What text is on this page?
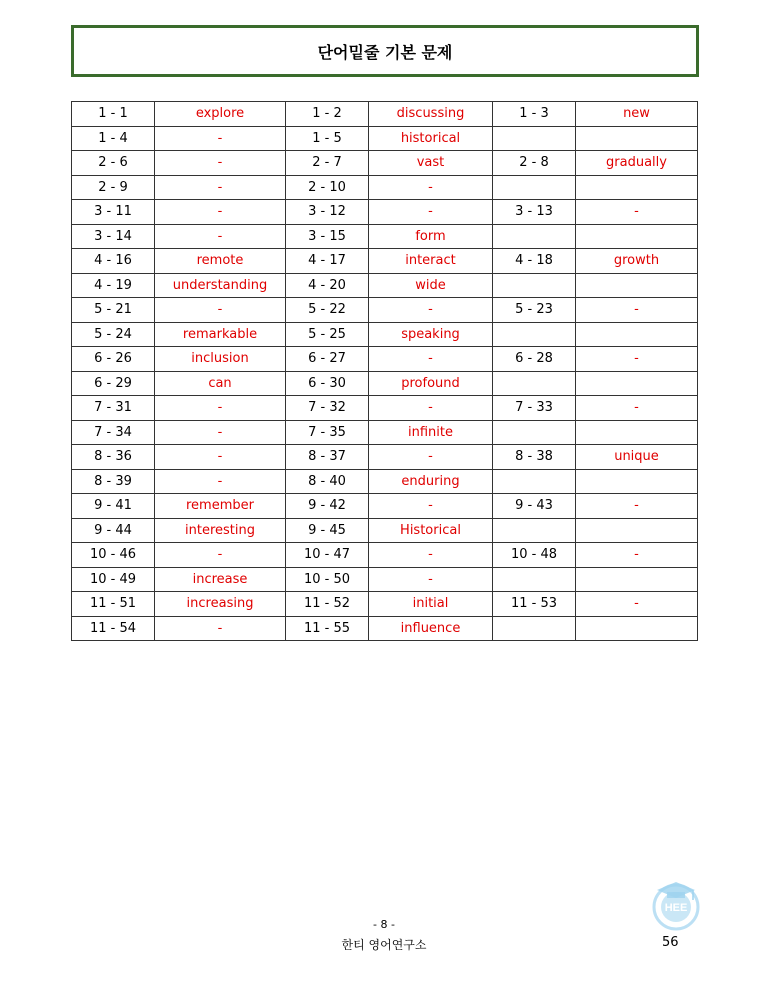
단어밑줄 기본 문제
1 - 1	explore	1 - 2	discussing	1 - 3	new
1 - 4	-	1 - 5	historical		
2 - 6	-	2 - 7	vast	2 - 8	gradually
2 - 9	-	2 - 10	-		
3 - 11	-	3 - 12	-	3 - 13	-
3 - 14	-	3 - 15	form		
4 - 16	remote	4 - 17	interact	4 - 18	growth
4 - 19	understanding	4 - 20	wide		
5 - 21	-	5 - 22	-	5 - 23	-
5 - 24	remarkable	5 - 25	speaking		
6 - 26	inclusion	6 - 27	-	6 - 28	-
6 - 29	can	6 - 30	profound		
7 - 31	-	7 - 32	-	7 - 33	-
7 - 34	-	7 - 35	infinite		
8 - 36	-	8 - 37	-	8 - 38	unique
8 - 39	-	8 - 40	enduring		
9 - 41	remember	9 - 42	-	9 - 43	-
9 - 44	interesting	9 - 45	Historical		
10 - 46	-	10 - 47	-	10 - 48	-
10 - 49	increase	10 - 50	-		
11 - 51	increasing	11 - 52	initial	11 - 53	-
11 - 54	-	11 - 55	influence		
HEE
- 8 -
한티 영어연구소	56
